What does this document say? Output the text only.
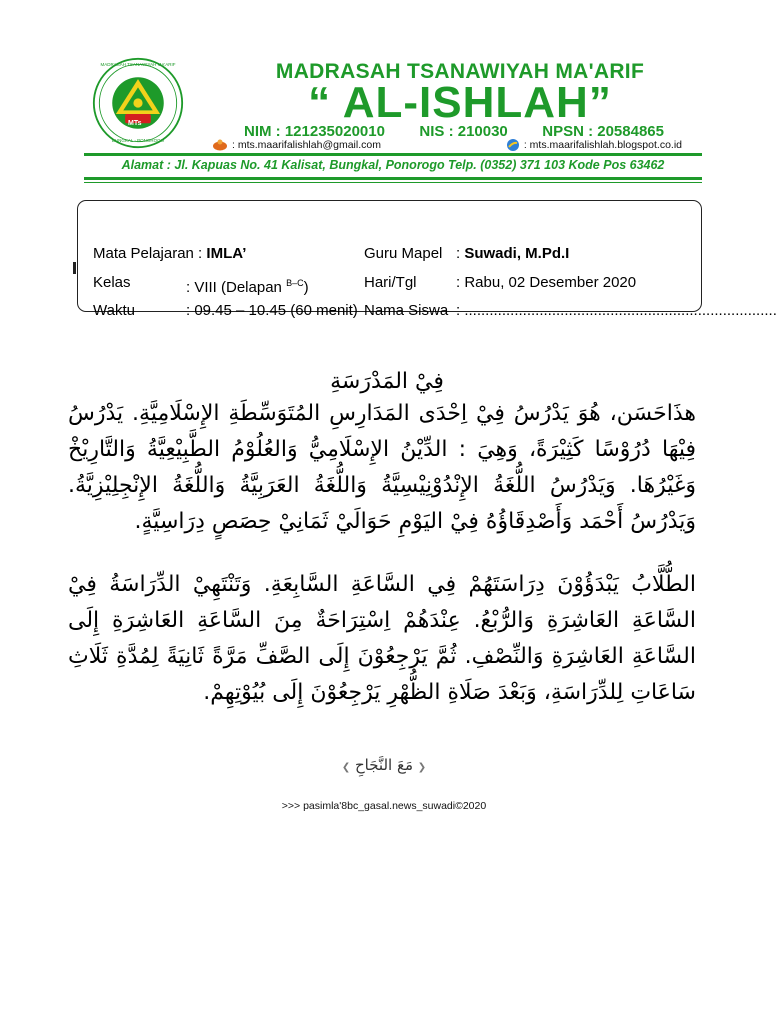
MTs
MADRASAH TSANAWIYAH MA'ARIF
BUNGKAL - PONOROGO
MADRASAH TSANAWIYAH MA'ARIF
“ AL-ISHLAH”
NIM : 121235020010 NIS : 210030 NPSN : 20584865
: mts.maarifalishlah@gmail.com	: mts.maarifalishlah.blogspot.co.id
Alamat : Jl. Kapuas No. 41 Kalisat, Bungkal, Ponorogo Telp. (0352) 371 103 Kode Pos 63462
Mata Pelajaran : IMLA’	Guru Mapel : Suwadi, M.Pd.I
Kelas	: VIII (Delapan $^{B-C}$)	Hari/Tgl	: Rabu, 02 Desember 2020
Waktu	: 09.45 – 10.45 (60 menit) Nama Siswa : ...........................................................................
فِيْ المَدْرَسَةِ

هذَاحَسَن، هُوَ يَدْرُسُ فِيْ اِحْدَى المَدَارِسِ المُتَوَسِّطَةِ الإِسْلَامِيَّةِ. يَدْرُسُ فِيْهَا دُرُوْسًا كَثِيْرَةً، وَهِيَ : الدِّيْنُ الإِسْلَامِيُّ وَالعُلُوْمُ الطَّبِيْعِيَّةُ وَالتَّارِيْخْ وَغَيْرُهَا. وَيَدْرُسُ اللُّغَةُ الإِنْدُوْنِيْسِيَّةُ وَاللُّغَةُ العَرَبِيَّةُ وَاللُّغَةُ الإِنْجِلِيْزِيَّةُ. وَيَدْرُسُ أَحْمَد وَأَصْدِقَاؤُهُ فِيْ اليَوْمِ حَوَالَيْ ثَمَانِيْ حِصَصٍ دِرَاسِيَّةٍ.

الطُّلَّابُ يَبْدَؤُوْنَ دِرَاسَتَهُمْ فِي السَّاعَةِ السَّابِعَةِ. وَتَنْتَهِيْ الدِّرَاسَةُ فِيْ السَّاعَةِ العَاشِرَةِ وَالرُّبْعُ. عِنْدَهُمْ اِسْتِرَاحَةٌ مِنَ السَّاعَةِ العَاشِرَةِ إِلَى السَّاعَةِ العَاشِرَةِ وَالنِّصْفِ. ثُمَّ يَرْجِعُوْنَ إِلَى الصَّفِّ مَرَّةً ثَانِيَةً لِمُدَّةِ ثَلَاثِ سَاعَاتِ لِلدِّرَاسَةِ، وَبَعْدَ صَلَاةِ الظُّهْرِ يَرْجِعُوْنَ إِلَى بُيُوْتِهِمْ.

❮ مَعَ النَّجَاحِ ❯
>>> pasimla'8bc_gasal.news_suwadi©2020
